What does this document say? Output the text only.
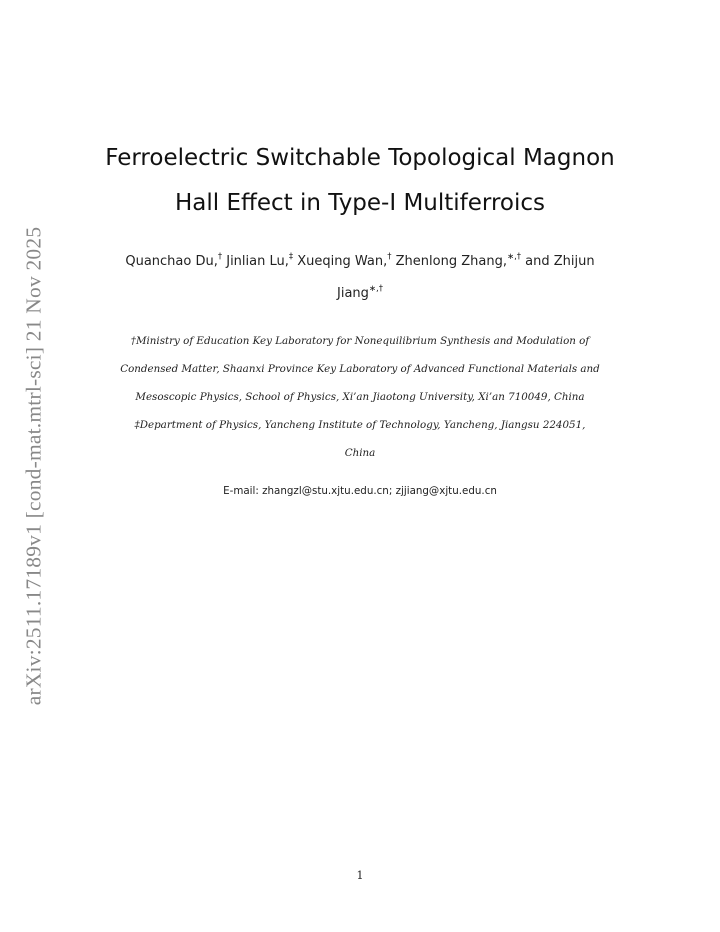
arXiv:2511.17189v1 [cond-mat.mtrl-sci] 21 Nov 2025
Ferroelectric Switchable Topological Magnon
Hall Effect in Type-I Multiferroics
Quanchao Du,† Jinlian Lu,‡ Xueqing Wan,† Zhenlong Zhang,∗,† and Zhijun
Jiang∗,†
†Ministry of Education Key Laboratory for Nonequilibrium Synthesis and Modulation of
Condensed Matter, Shaanxi Province Key Laboratory of Advanced Functional Materials and
Mesoscopic Physics, School of Physics, Xi’an Jiaotong University, Xi’an 710049, China
‡Department of Physics, Yancheng Institute of Technology, Yancheng, Jiangsu 224051,
China
E-mail: zhangzl@stu.xjtu.edu.cn; zjjiang@xjtu.edu.cn
1
